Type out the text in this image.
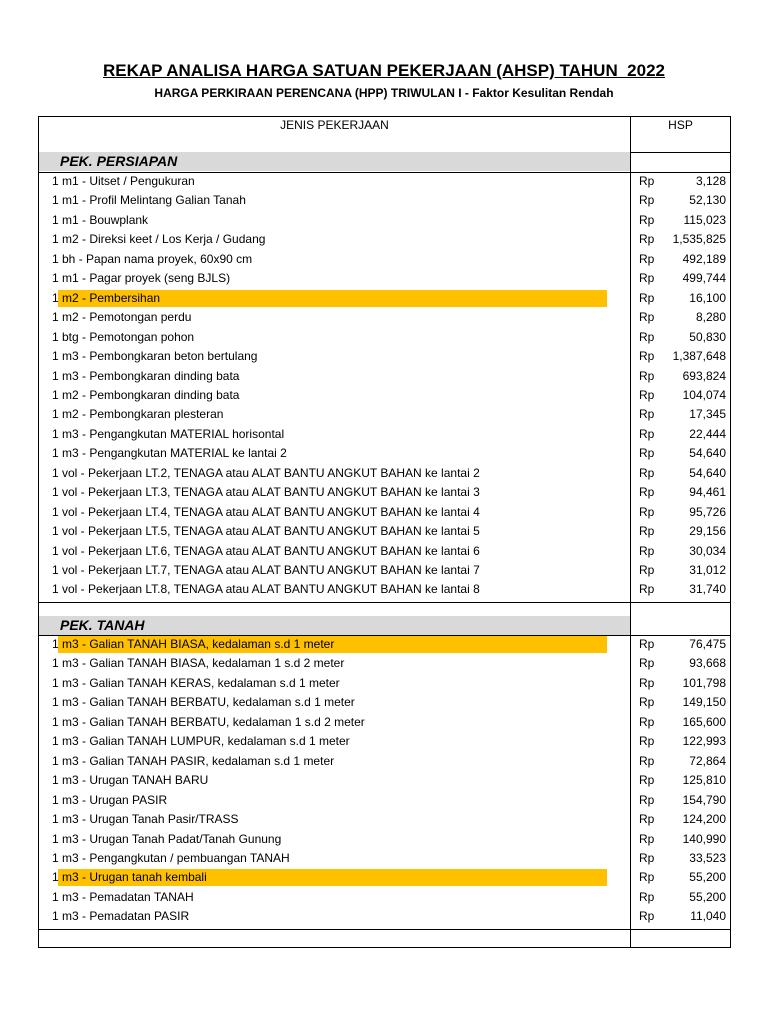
REKAP ANALISA HARGA SATUAN PEKERJAAN (AHSP) TAHUN  2022
HARGA PERKIRAAN PERENCANA (HPP) TRIWULAN I - Faktor Kesulitan Rendah
JENIS PEKERJAAN	HSP
PEK. PERSIAPAN
1 m1 - Uitset / Pengukuran	Rp	3,128
1 m1 - Profil Melintang Galian Tanah	Rp	52,130
1 m1 - Bouwplank	Rp 115,023
1 m2 - Direksi keet / Los Kerja / Gudang	Rp 1,535,825
1 bh - Papan nama proyek, 60x90 cm	Rp 492,189
1 m1 - Pagar proyek (seng BJLS)	Rp 499,744
1 m2 - Pembersihan	Rp	16,100
1 m2 - Pemotongan perdu	Rp	8,280
1 btg - Pemotongan pohon	Rp	50,830
1 m3 - Pembongkaran beton bertulang	Rp 1,387,648
1 m3 - Pembongkaran dinding bata	Rp 693,824
1 m2 - Pembongkaran dinding bata	Rp 104,074
1 m2 - Pembongkaran plesteran	Rp	17,345
1 m3 - Pengangkutan MATERIAL horisontal	Rp	22,444
1 m3 - Pengangkutan MATERIAL ke lantai 2	Rp	54,640
1 vol - Pekerjaan LT.2, TENAGA atau ALAT BANTU ANGKUT BAHAN ke lantai 2	Rp	54,640
1 vol - Pekerjaan LT.3, TENAGA atau ALAT BANTU ANGKUT BAHAN ke lantai 3	Rp	94,461
1 vol - Pekerjaan LT.4, TENAGA atau ALAT BANTU ANGKUT BAHAN ke lantai 4	Rp	95,726
1 vol - Pekerjaan LT.5, TENAGA atau ALAT BANTU ANGKUT BAHAN ke lantai 5	Rp	29,156
1 vol - Pekerjaan LT.6, TENAGA atau ALAT BANTU ANGKUT BAHAN ke lantai 6	Rp	30,034
1 vol - Pekerjaan LT.7, TENAGA atau ALAT BANTU ANGKUT BAHAN ke lantai 7	Rp	31,012
1 vol - Pekerjaan LT.8, TENAGA atau ALAT BANTU ANGKUT BAHAN ke lantai 8	Rp	31,740
PEK. TANAH
1 m3 - Galian TANAH BIASA, kedalaman s.d 1 meter	Rp	76,475
1 m3 - Galian TANAH BIASA, kedalaman 1 s.d 2 meter	Rp	93,668
1 m3 - Galian TANAH KERAS, kedalaman s.d 1 meter	Rp 101,798
1 m3 - Galian TANAH BERBATU, kedalaman s.d 1 meter	Rp 149,150
1 m3 - Galian TANAH BERBATU, kedalaman 1 s.d 2 meter	Rp 165,600
1 m3 - Galian TANAH LUMPUR, kedalaman s.d 1 meter	Rp 122,993
1 m3 - Galian TANAH PASIR, kedalaman s.d 1 meter	Rp	72,864
1 m3 - Urugan TANAH BARU	Rp 125,810
1 m3 - Urugan PASIR	Rp 154,790
1 m3 - Urugan Tanah Pasir/TRASS	Rp 124,200
1 m3 - Urugan Tanah Padat/Tanah Gunung	Rp 140,990
1 m3 - Pengangkutan / pembuangan TANAH	Rp	33,523
1 m3 - Urugan tanah kembali	Rp	55,200
1 m3 - Pemadatan TANAH	Rp	55,200
1 m3 - Pemadatan PASIR	Rp	11,040
